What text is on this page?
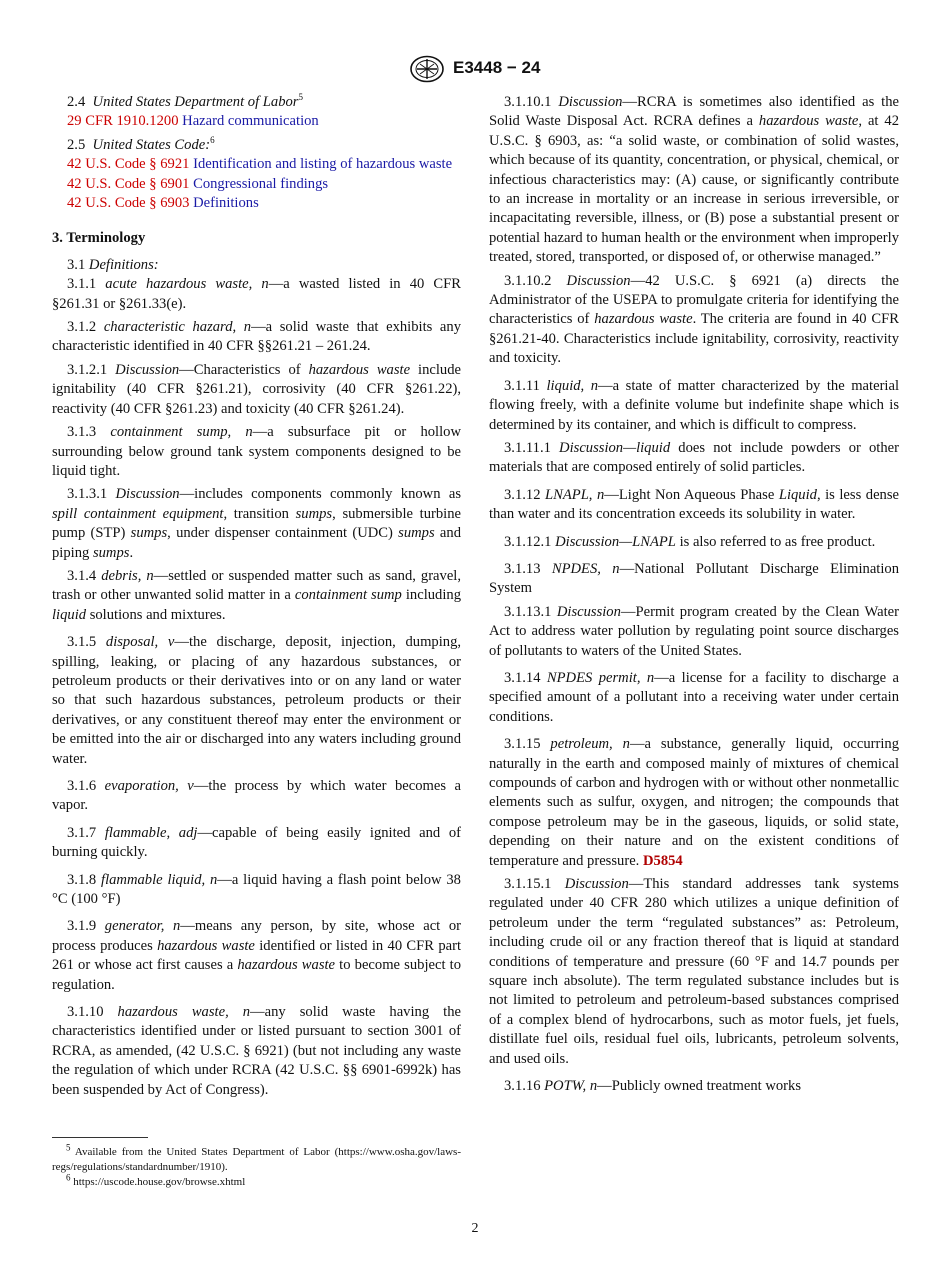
E3448 − 24

2.4 United States Department of Labor$^5$

29 CFR 1910.1200 Hazard communication

2.5 United States Code:$^6$

42 U.S. Code § 6921 Identification and listing of hazardous waste

42 U.S. Code § 6901 Congressional findings

42 U.S. Code § 6903 Definitions

3. Terminology

3.1 Definitions:

3.1.1 acute hazardous waste, n—a wasted listed in 40 CFR §261.31 or §261.33(e).

3.1.2 characteristic hazard, n—a solid waste that exhibits any characteristic identified in 40 CFR §§261.21 – 261.24.

3.1.2.1 Discussion—Characteristics of hazardous waste include ignitability (40 CFR §261.21), corrosivity (40 CFR §261.22), reactivity (40 CFR §261.23) and toxicity (40 CFR §261.24).

3.1.3 containment sump, n—a subsurface pit or hollow surrounding below ground tank system components designed to be liquid tight.

3.1.3.1 Discussion—includes components commonly known as spill containment equipment, transition sumps, submersible turbine pump (STP) sumps, under dispenser containment (UDC) sumps and piping sumps.

3.1.4 debris, n—settled or suspended matter such as sand, gravel, trash or other unwanted solid matter in a containment sump including liquid solutions and mixtures.

3.1.5 disposal, v—the discharge, deposit, injection, dumping, spilling, leaking, or placing of any hazardous substances, or petroleum products or their derivatives into or on any land or water so that such hazardous substances, petroleum products or their derivatives, or any constituent thereof may enter the environment or be emitted into the air or discharged into any waters including ground water.

3.1.6 evaporation, v—the process by which water becomes a vapor.

3.1.7 flammable, adj—capable of being easily ignited and of burning quickly.

3.1.8 flammable liquid, n—a liquid having a flash point below 38 °C (100 °F)

3.1.9 generator, n—means any person, by site, whose act or process produces hazardous waste identified or listed in 40 CFR part 261 or whose act first causes a hazardous waste to become subject to regulation.

3.1.10 hazardous waste, n—any solid waste having the characteristics identified under or listed pursuant to section 3001 of RCRA, as amended, (42 U.S.C. § 6921) (but not including any waste the regulation of which under RCRA (42 U.S.C. §§ 6901-6992k) has been suspended by Act of Congress).

3.1.10.1 Discussion—RCRA is sometimes also identified as the Solid Waste Disposal Act. RCRA defines a hazardous waste, at 42 U.S.C. § 6903, as: “a solid waste, or combination of solid wastes, which because of its quantity, concentration, or physical, chemical, or infectious characteristics may: (A) cause, or significantly contribute to an increase in mortality or an increase in serious irreversible, or incapacitating reversible, illness, or (B) pose a substantial present or potential hazard to human health or the environment when improperly treated, stored, transported, or disposed of, or otherwise managed.”

3.1.10.2 Discussion—42 U.S.C. § 6921 (a) directs the Administrator of the USEPA to promulgate criteria for identifying the characteristics of hazardous waste. The criteria are found in 40 CFR §261.21-40. Characteristics include ignitability, corrosivity, reactivity and toxicity.

3.1.11 liquid, n—a state of matter characterized by the material flowing freely, with a definite volume but indefinite shape which is determined by its container, and which is difficult to compress.

3.1.11.1 Discussion—liquid does not include powders or other materials that are composed entirely of solid particles.

3.1.12 LNAPL, n—Light Non Aqueous Phase Liquid, is less dense than water and its concentration exceeds its solubility in water.

3.1.12.1 Discussion—LNAPL is also referred to as free product.

3.1.13 NPDES, n—National Pollutant Discharge Elimination System

3.1.13.1 Discussion—Permit program created by the Clean Water Act to address water pollution by regulating point source discharges of pollutants to waters of the United States.

3.1.14 NPDES permit, n—a license for a facility to discharge a specified amount of a pollutant into a receiving water under certain conditions.

3.1.15 petroleum, n—a substance, generally liquid, occurring naturally in the earth and composed mainly of mixtures of chemical compounds of carbon and hydrogen with or without other nonmetallic elements such as sulfur, oxygen, and nitrogen; the compounds that compose petroleum may be in the gaseous, liquids, or solid state, depending on their nature and on the existent conditions of temperature and pressure. D5854

3.1.15.1 Discussion—This standard addresses tank systems regulated under 40 CFR 280 which utilizes a unique definition of petroleum under the term “regulated substances” as: Petroleum, including crude oil or any fraction thereof that is liquid at standard conditions of temperature and pressure (60 °F and 14.7 pounds per square inch absolute). The term regulated substance includes but is not limited to petroleum and petroleum-based substances comprised of a complex blend of hydrocarbons, such as motor fuels, jet fuels, distillate fuel oils, residual fuel oils, lubricants, petroleum solvents, and used oils.

3.1.16 POTW, n—Publicly owned treatment works

$^5$ Available from the United States Department of Labor (https://www.osha.gov/laws-regs/regulations/standardnumber/1910).

$^6$ https://uscode.house.gov/browse.xhtml

2
